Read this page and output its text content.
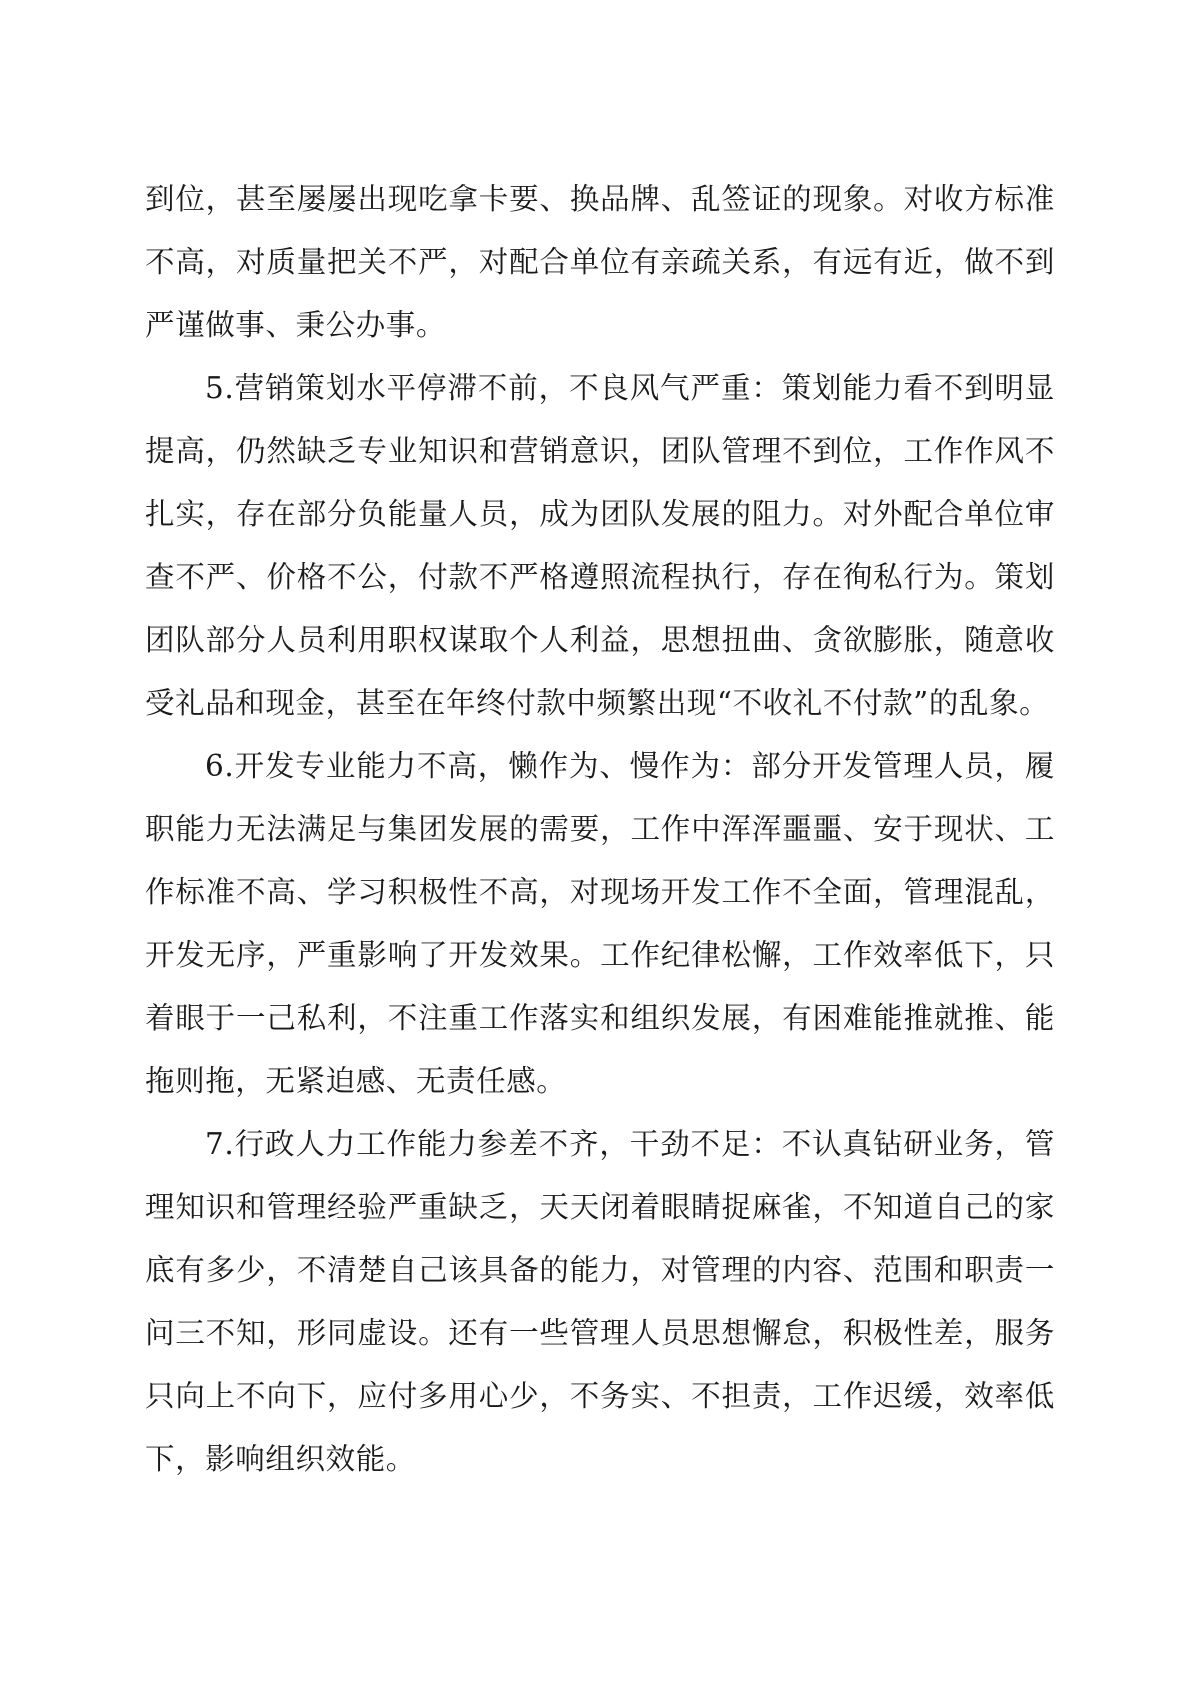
到位，甚至屡屡出现吃拿卡要、换品牌、乱签证的现象。对收方标准不高，对质量把关不严，对配合单位有亲疏关系，有远有近，做不到严谨做事、秉公办事。

5.营销策划水平停滞不前，不良风气严重：策划能力看不到明显提高，仍然缺乏专业知识和营销意识，团队管理不到位，工作作风不扎实，存在部分负能量人员，成为团队发展的阻力。对外配合单位审查不严、价格不公，付款不严格遵照流程执行，存在徇私行为。策划团队部分人员利用职权谋取个人利益，思想扭曲、贪欲膨胀，随意收受礼品和现金，甚至在年终付款中频繁出现“不收礼不付款”的乱象。

6.开发专业能力不高，懒作为、慢作为：部分开发管理人员，履职能力无法满足与集团发展的需要，工作中浑浑噩噩、安于现状、工作标准不高、学习积极性不高，对现场开发工作不全面，管理混乱，开发无序，严重影响了开发效果。工作纪律松懈，工作效率低下，只着眼于一己私利，不注重工作落实和组织发展，有困难能推就推、能拖则拖，无紧迫感、无责任感。

7.行政人力工作能力参差不齐，干劲不足：不认真钻研业务，管理知识和管理经验严重缺乏，天天闭着眼睛捉麻雀，不知道自己的家底有多少，不清楚自己该具备的能力，对管理的内容、范围和职责一问三不知，形同虚设。还有一些管理人员思想懈怠，积极性差，服务只向上不向下，应付多用心少，不务实、不担责，工作迟缓，效率低下，影响组织效能。
